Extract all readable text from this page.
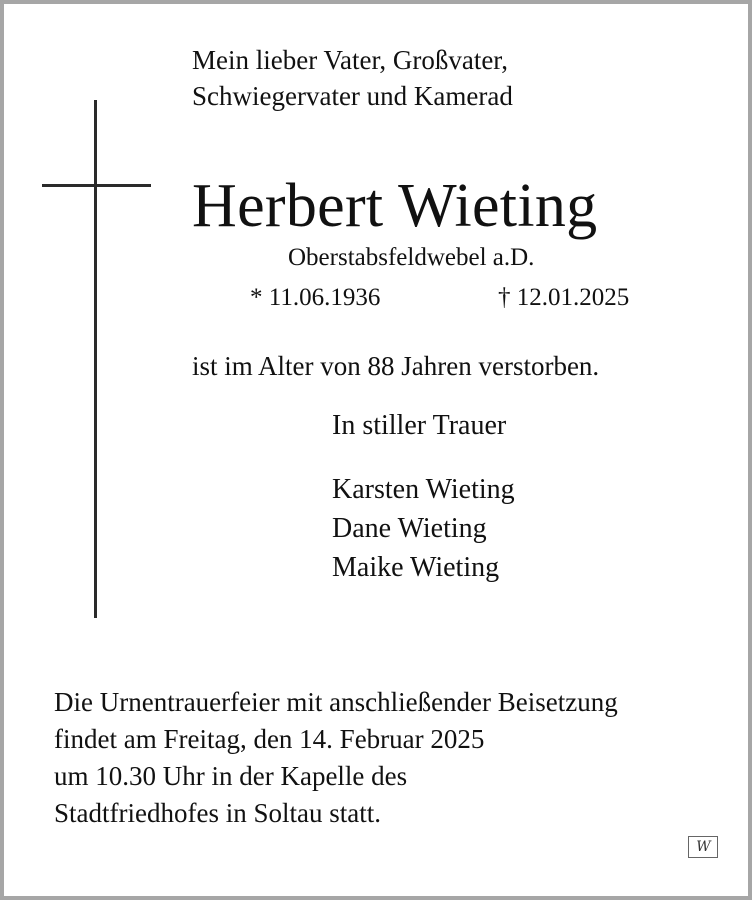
Mein lieber Vater, Großvater,
Schwiegervater und Kamerad
Herbert Wieting
Oberstabsfeldwebel a.D.
* 11.06.1936	† 12.01.2025
ist im Alter von 88 Jahren verstorben.
In stiller Trauer
Karsten Wieting
Dane Wieting
Maike Wieting
Die Urnentrauerfeier mit anschließender Beisetzung
findet am Freitag, den 14. Februar 2025
um 10.30 Uhr in der Kapelle des
Stadtfriedhofes in Soltau statt.
W
